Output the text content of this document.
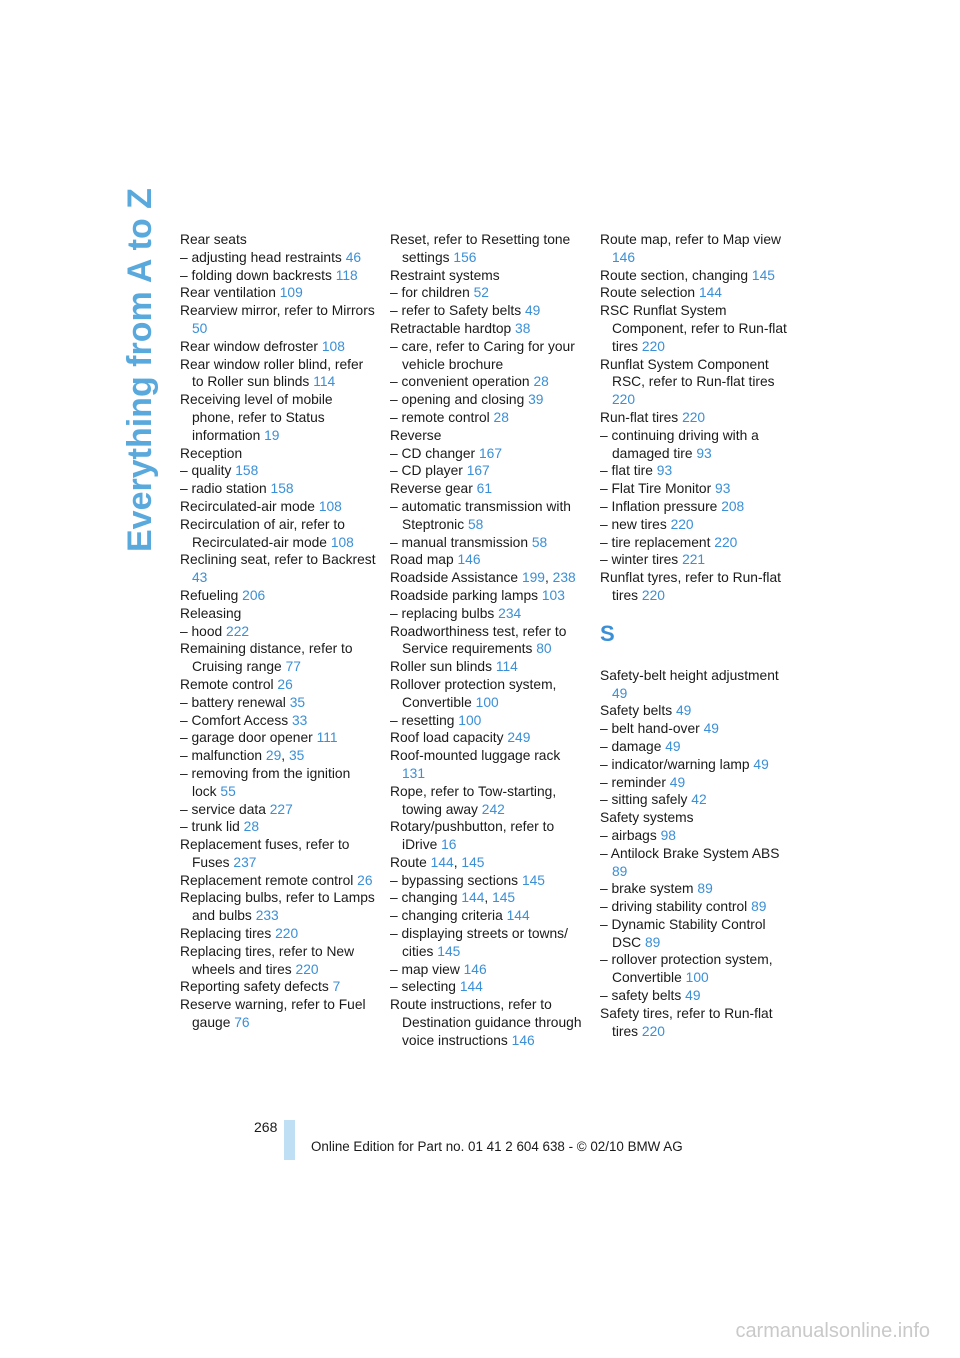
Everything from A to Z Rear seats
– adjusting head restraints 46
– folding down backrests 118
Rear ventilation 109
Rearview mirror, refer to Mirrors 50
Rear window defroster 108
Rear window roller blind, refer to Roller sun blinds 114
Receiving level of mobile phone, refer to Status information 19
Reception
– quality 158
– radio station 158
Recirculated-air mode 108
Recirculation of air, refer to Recirculated-air mode 108
Reclining seat, refer to Backrest 43
Refueling 206
Releasing
– hood 222
Remaining distance, refer to Cruising range 77
Remote control 26
– battery renewal 35
– Comfort Access 33
– garage door opener 111
– malfunction 29, 35
– removing from the ignition lock 55
– service data 227
– trunk lid 28
Replacement fuses, refer to Fuses 237
Replacement remote control 26
Replacing bulbs, refer to Lamps and bulbs 233
Replacing tires 220
Replacing tires, refer to New wheels and tires 220
Reporting safety defects 7
Reserve warning, refer to Fuel gauge 76
Reset, refer to Resetting tone settings 156
Restraint systems
– for children 52
– refer to Safety belts 49
Retractable hardtop 38
– care, refer to Caring for your vehicle brochure
– convenient operation 28
– opening and closing 39
– remote control 28
Reverse
– CD changer 167
– CD player 167
Reverse gear 61
– automatic transmission with Steptronic 58
– manual transmission 58
Road map 146
Roadside Assistance 199, 238
Roadside parking lamps 103
– replacing bulbs 234
Roadworthiness test, refer to Service requirements 80
Roller sun blinds 114
Rollover protection system, Convertible 100
– resetting 100
Roof load capacity 249
Roof-mounted luggage rack 131
Rope, refer to Tow-starting, towing away 242
Rotary/pushbutton, refer to iDrive 16
Route 144, 145
– bypassing sections 145
– changing 144, 145
– changing criteria 144
– displaying streets or towns/ cities 145
– map view 146
– selecting 144
Route instructions, refer to Destination guidance through voice instructions 146
Route map, refer to Map view 146
Route section, changing 145
Route selection 144
RSC Runflat System Component, refer to Run-flat tires 220
Runflat System Component RSC, refer to Run-flat tires 220
Run-flat tires 220
– continuing driving with a damaged tire 93
– flat tire 93
– Flat Tire Monitor 93
– Inflation pressure 208
– new tires 220
– tire replacement 220
– winter tires 221
Runflat tyres, refer to Run-flat tires 220
S
Safety-belt height adjustment 49
Safety belts 49
– belt hand-over 49
– damage 49
– indicator/warning lamp 49
– reminder 49
– sitting safely 42
Safety systems
– airbags 98
– Antilock Brake System ABS 89
– brake system 89
– driving stability control 89
– Dynamic Stability Control DSC 89
– rollover protection system, Convertible 100
– safety belts 49
Safety tires, refer to Run-flat tires 220
268
Online Edition for Part no. 01 41 2 604 638 - © 02/10 BMW AG
carmanualsonline.info
